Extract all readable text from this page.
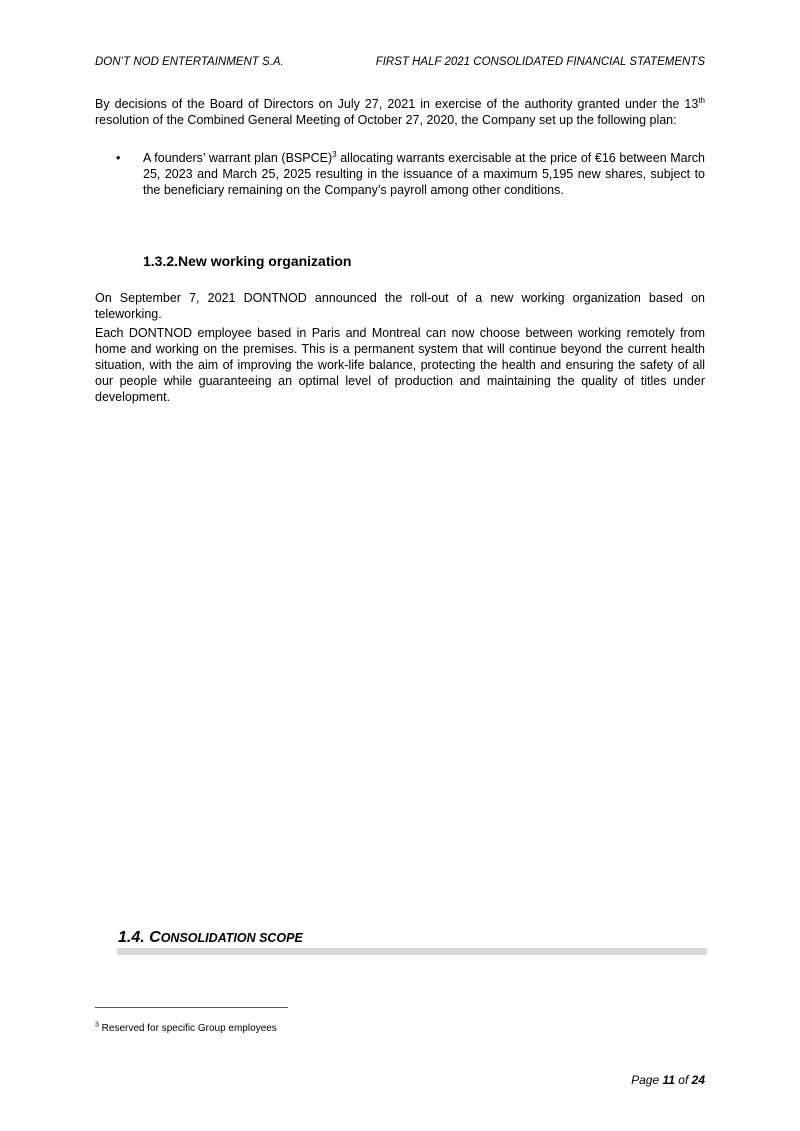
DON’T NOD ENTERTAINMENT S.A.	FIRST HALF 2021 CONSOLIDATED FINANCIAL STATEMENTS
By decisions of the Board of Directors on July 27, 2021 in exercise of the authority granted under the 13th resolution of the Combined General Meeting of October 27, 2020, the Company set up the following plan:
• A founders’ warrant plan (BSPCE)$^3$ allocating warrants exercisable at the price of €16 between March 25, 2023 and March 25, 2025 resulting in the issuance of a maximum 5,195 new shares, subject to the beneficiary remaining on the Company’s payroll among other conditions.
1.3.2.New working organization
On September 7, 2021 DONTNOD announced the roll-out of a new working organization based on teleworking.
Each DONTNOD employee based in Paris and Montreal can now choose between working remotely from home and working on the premises. This is a permanent system that will continue beyond the current health situation, with the aim of improving the work-life balance, protecting the health and ensuring the safety of all our people while guaranteeing an optimal level of production and maintaining the quality of titles under development.
1.4. CONSOLIDATION SCOPE
$^3$ Reserved for specific Group employees
Page 11 of 24
